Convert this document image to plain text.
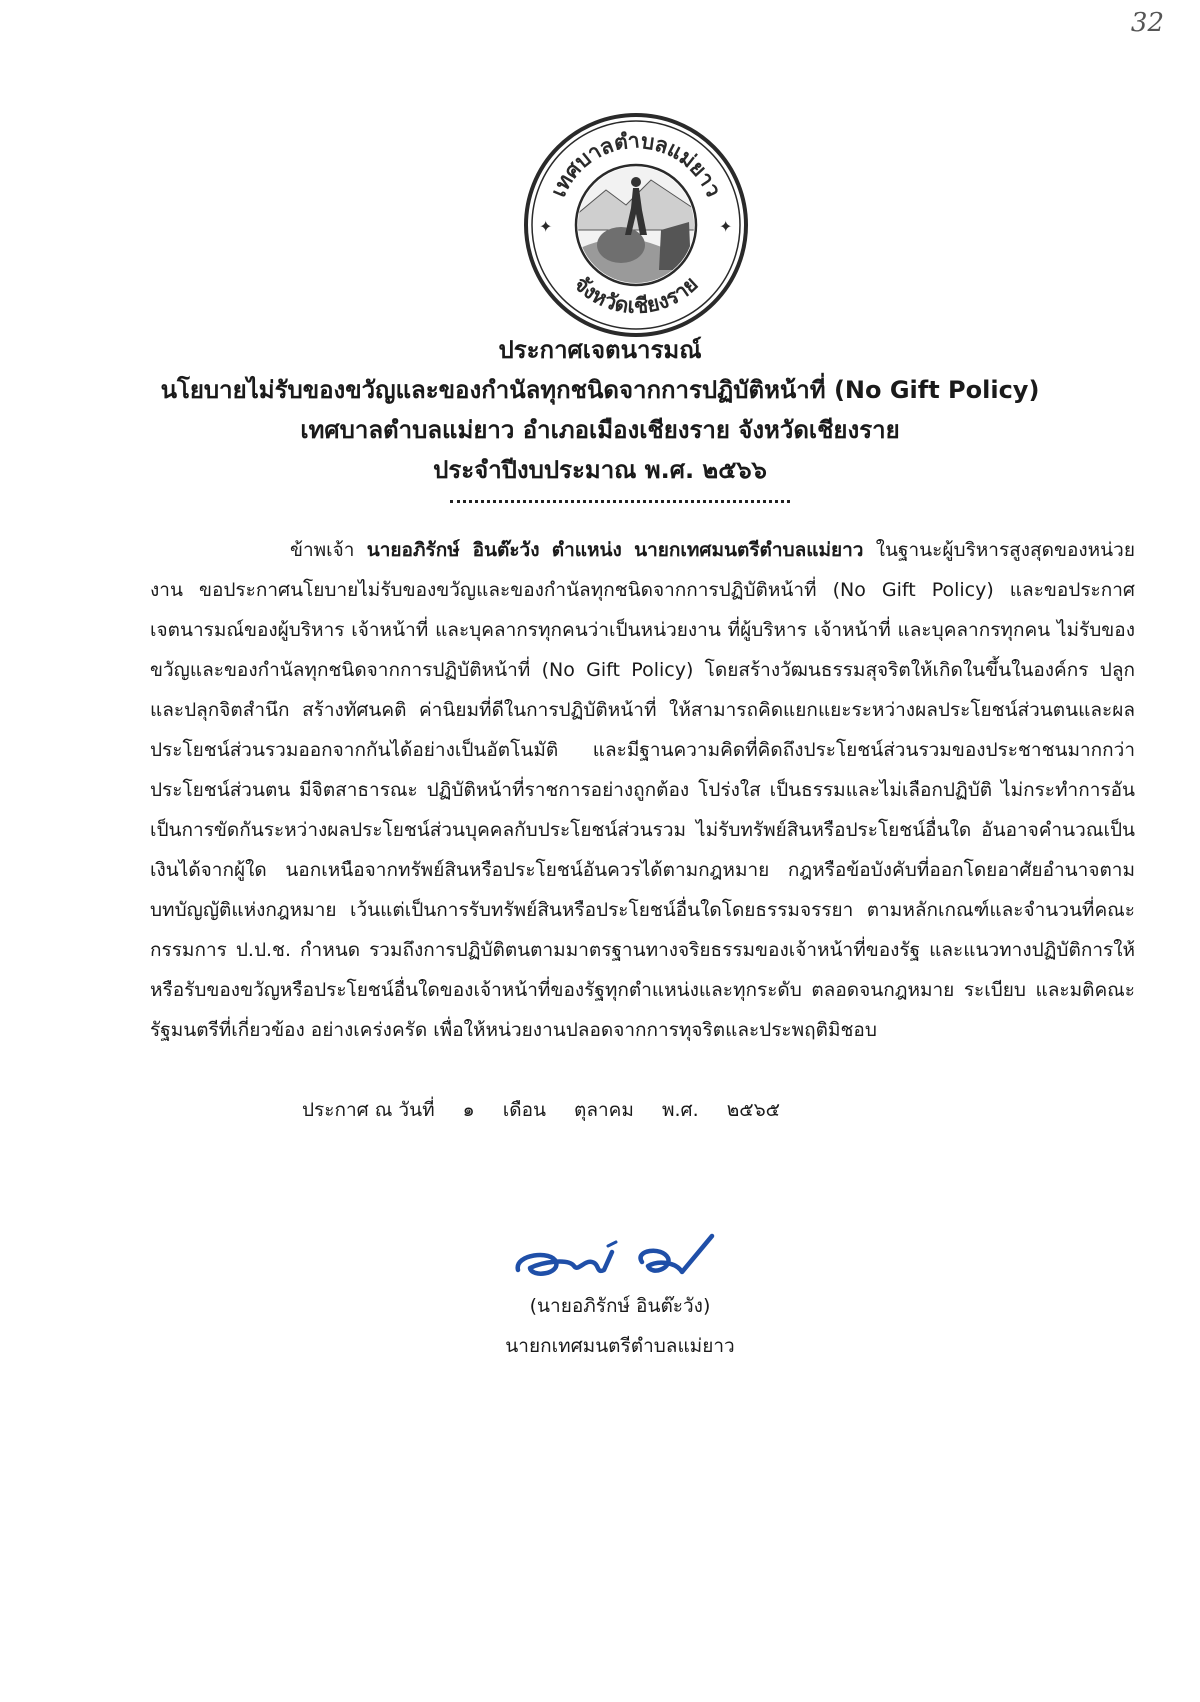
32
เทศบาลตำบลแม่ยาว
จังหวัดเชียงราย
✦	✦
ประกาศเจตนารมณ์
นโยบายไม่รับของขวัญและของกำนัลทุกชนิดจากการปฏิบัติหน้าที่ (No Gift Policy)
เทศบาลตำบลแม่ยาว อำเภอเมืองเชียงราย จังหวัดเชียงราย
ประจำปีงบประมาณ พ.ศ. ๒๕๖๖

ข้าพเจ้า นายอภิรักษ์ อินต๊ะวัง ตำแหน่ง นายกเทศมนตรีตำบลแม่ยาว ในฐานะผู้บริหารสูงสุดของหน่วยงาน ขอประกาศนโยบายไม่รับของขวัญและของกำนัลทุกชนิดจากการปฏิบัติหน้าที่ (No Gift Policy) และขอประกาศเจตนารมณ์ของผู้บริหาร เจ้าหน้าที่ และบุคลากรทุกคนว่าเป็นหน่วยงาน ที่ผู้บริหาร เจ้าหน้าที่ และบุคลากรทุกคน ไม่รับของขวัญและของกำนัลทุกชนิดจากการปฏิบัติหน้าที่ (No Gift Policy) โดยสร้างวัฒนธรรมสุจริตให้เกิดในขึ้นในองค์กร ปลูกและปลุกจิตสำนึก สร้างทัศนคติ ค่านิยมที่ดีในการปฏิบัติหน้าที่ ให้สามารถคิดแยกแยะระหว่างผลประโยชน์ส่วนตนและผลประโยชน์ส่วนรวมออกจากกันได้อย่างเป็นอัตโนมัติ และมีฐานความคิดที่คิดถึงประโยชน์ส่วนรวมของประชาชนมากกว่าประโยชน์ส่วนตน มีจิตสาธารณะ ปฏิบัติหน้าที่ราชการอย่างถูกต้อง โปร่งใส เป็นธรรมและไม่เลือกปฏิบัติ ไม่กระทำการอันเป็นการขัดกันระหว่างผลประโยชน์ส่วนบุคคลกับประโยชน์ส่วนรวม ไม่รับทรัพย์สินหรือประโยชน์อื่นใด อันอาจคำนวณเป็นเงินได้จากผู้ใด นอกเหนือจากทรัพย์สินหรือประโยชน์อันควรได้ตามกฎหมาย กฎหรือข้อบังคับที่ออกโดยอาศัยอำนาจตามบทบัญญัติแห่งกฎหมาย เว้นแต่เป็นการรับทรัพย์สินหรือประโยชน์อื่นใดโดยธรรมจรรยา ตามหลักเกณฑ์และจำนวนที่คณะกรรมการ ป.ป.ช. กำหนด รวมถึงการปฏิบัติตนตามมาตรฐานทางจริยธรรมของเจ้าหน้าที่ของรัฐ และแนวทางปฏิบัติการให้หรือรับของขวัญหรือประโยชน์อื่นใดของเจ้าหน้าที่ของรัฐทุกตำแหน่งและทุกระดับ ตลอดจนกฎหมาย ระเบียบ และมติคณะรัฐมนตรีที่เกี่ยวข้อง อย่างเคร่งครัด เพื่อให้หน่วยงานปลอดจากการทุจริตและประพฤติมิชอบ

ประกาศ ณ วันที่ ๑ เดือน ตุลาคม พ.ศ. ๒๕๖๕
(นายอภิรักษ์ อินต๊ะวัง)
นายกเทศมนตรีตำบลแม่ยาว
